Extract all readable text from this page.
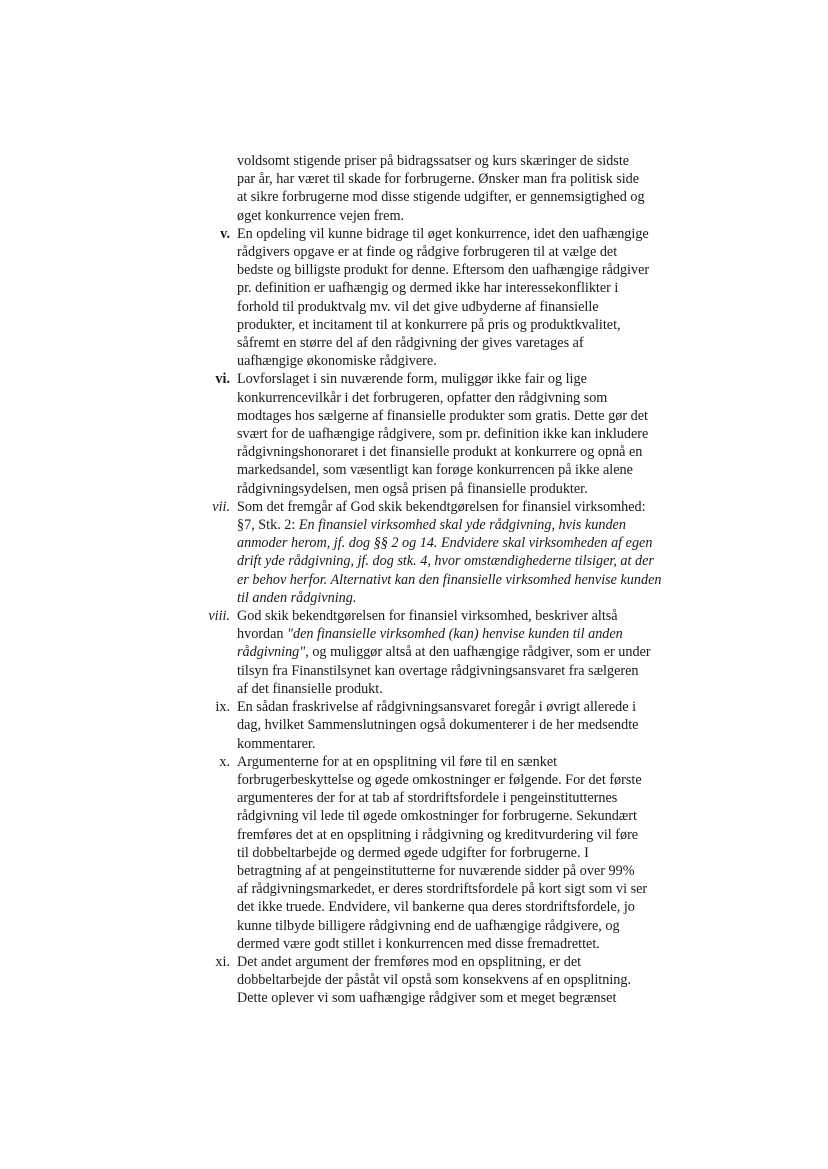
voldsomt stigende priser på bidragssatser og kurs skæringer de sidste
par år, har været til skade for forbrugerne. Ønsker man fra politisk side
at sikre forbrugerne mod disse stigende udgifter, er gennemsigtighed og
øget konkurrence vejen frem.
v. En opdeling vil kunne bidrage til øget konkurrence, idet den uafhængige
rådgivers opgave er at finde og rådgive forbrugeren til at vælge det
bedste og billigste produkt for denne. Eftersom den uafhængige rådgiver
pr. definition er uafhængig og dermed ikke har interessekonflikter i
forhold til produktvalg mv. vil det give udbyderne af finansielle
produkter, et incitament til at konkurrere på pris og produktkvalitet,
såfremt en større del af den rådgivning der gives varetages af
uafhængige økonomiske rådgivere.
vi. Lovforslaget i sin nuværende form, muliggør ikke fair og lige
konkurrencevilkår i det forbrugeren, opfatter den rådgivning som
modtages hos sælgerne af finansielle produkter som gratis. Dette gør det
svært for de uafhængige rådgivere, som pr. definition ikke kan inkludere
rådgivningshonoraret i det finansielle produkt at konkurrere og opnå en
markedsandel, som væsentligt kan forøge konkurrencen på ikke alene
rådgivningsydelsen, men også prisen på finansielle produkter.
vii. Som det fremgår af God skik bekendtgørelsen for finansiel virksomhed:
§7, Stk. 2: En finansiel virksomhed skal yde rådgivning, hvis kunden
anmoder herom, jf. dog §§ 2 og 14. Endvidere skal virksomheden af egen
drift yde rådgivning, jf. dog stk. 4, hvor omstændighederne tilsiger, at der
er behov herfor. Alternativt kan den finansielle virksomhed henvise kunden
til anden rådgivning.
viii. God skik bekendtgørelsen for finansiel virksomhed, beskriver altså
hvordan "den finansielle virksomhed (kan) henvise kunden til anden
rådgivning", og muliggør altså at den uafhængige rådgiver, som er under
tilsyn fra Finanstilsynet kan overtage rådgivningsansvaret fra sælgeren
af det finansielle produkt.
ix. En sådan fraskrivelse af rådgivningsansvaret foregår i øvrigt allerede i
dag, hvilket Sammenslutningen også dokumenterer i de her medsendte
kommentarer.
x. Argumenterne for at en opsplitning vil føre til en sænket
forbrugerbeskyttelse og øgede omkostninger er følgende. For det første
argumenteres der for at tab af stordriftsfordele i pengeinstitutternes
rådgivning vil lede til øgede omkostninger for forbrugerne. Sekundært
fremføres det at en opsplitning i rådgivning og kreditvurdering vil føre
til dobbeltarbejde og dermed øgede udgifter for forbrugerne. I
betragtning af at pengeinstitutterne for nuværende sidder på over 99%
af rådgivningsmarkedet, er deres stordriftsfordele på kort sigt som vi ser
det ikke truede. Endvidere, vil bankerne qua deres stordriftsfordele, jo
kunne tilbyde billigere rådgivning end de uafhængige rådgivere, og
dermed være godt stillet i konkurrencen med disse fremadrettet.
xi. Det andet argument der fremføres mod en opsplitning, er det
dobbeltarbejde der påståt vil opstå som konsekvens af en opsplitning.
Dette oplever vi som uafhængige rådgiver som et meget begrænset
